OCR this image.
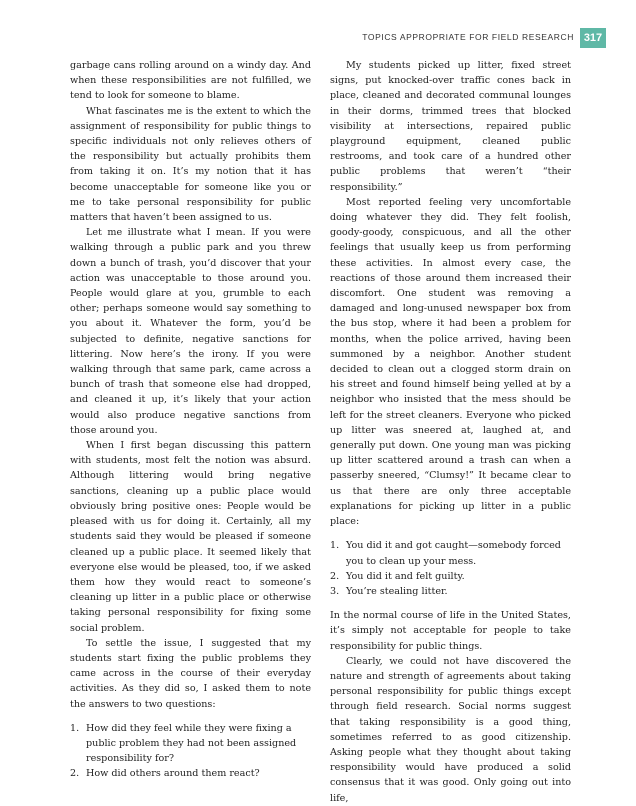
TOPICS APPROPRIATE FOR FIELD RESEARCH 317

garbage cans rolling around on a windy day. And when these responsibilities are not fulfilled, we tend to look for someone to blame.

What fascinates me is the extent to which the assignment of responsibility for public things to specific individuals not only relieves others of the responsibility but actually prohibits them from taking it on. It’s my notion that it has become unacceptable for someone like you or me to take personal responsibility for public matters that haven’t been assigned to us.

Let me illustrate what I mean. If you were walking through a public park and you threw down a bunch of trash, you’d discover that your action was unacceptable to those around you. People would glare at you, grumble to each other; perhaps someone would say something to you about it. Whatever the form, you’d be subjected to definite, negative sanctions for littering. Now here’s the irony. If you were walking through that same park, came across a bunch of trash that someone else had dropped, and cleaned it up, it’s likely that your action would also produce negative sanctions from those around you.

When I first began discussing this pattern with students, most felt the notion was absurd. Although littering would bring negative sanctions, cleaning up a public place would obviously bring positive ones: People would be pleased with us for doing it. Certainly, all my students said they would be pleased if someone cleaned up a public place. It seemed likely that everyone else would be pleased, too, if we asked them how they would react to someone’s cleaning up litter in a public place or otherwise taking personal responsibility for fixing some social problem.

To settle the issue, I suggested that my students start fixing the public problems they came across in the course of their everyday activities. As they did so, I asked them to note the answers to two questions:

1. How did they feel while they were fixing a public problem they had not been assigned responsibility for?
2. How did others around them react?

My students picked up litter, fixed street signs, put knocked-over traffic cones back in place, cleaned and decorated communal lounges in their dorms, trimmed trees that blocked visibility at intersections, repaired public playground equipment, cleaned public restrooms, and took care of a hundred other public problems that weren’t “their responsibility.”

Most reported feeling very uncomfortable doing whatever they did. They felt foolish, goody-goody, conspicuous, and all the other feelings that usually keep us from performing these activities. In almost every case, the reactions of those around them increased their discomfort. One student was removing a damaged and long-unused newspaper box from the bus stop, where it had been a problem for months, when the police arrived, having been summoned by a neighbor. Another student decided to clean out a clogged storm drain on his street and found himself being yelled at by a neighbor who insisted that the mess should be left for the street cleaners. Everyone who picked up litter was sneered at, laughed at, and generally put down. One young man was picking up litter scattered around a trash can when a passerby sneered, “Clumsy!” It became clear to us that there are only three acceptable explanations for picking up litter in a public place:

1. You did it and got caught—somebody forced you to clean up your mess.
2. You did it and felt guilty.
3. You’re stealing litter.

In the normal course of life in the United States, it’s simply not acceptable for people to take responsibility for public things.

Clearly, we could not have discovered the nature and strength of agreements about taking personal responsibility for public things except through field research. Social norms suggest that taking responsibility is a good thing, sometimes referred to as good citizenship. Asking people what they thought about taking responsibility would have produced a solid consensus that it was good. Only going out into life,
